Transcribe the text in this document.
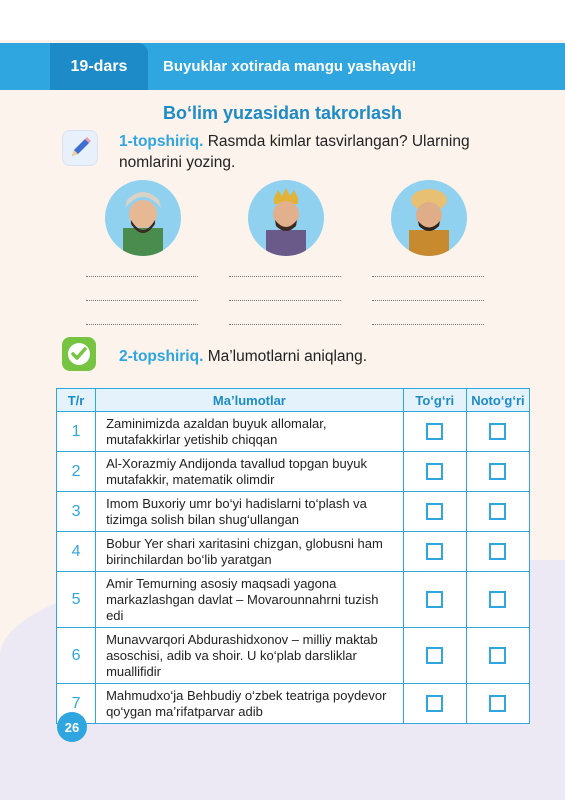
19-dars	Buyuklar xotirada mangu yashaydi!
Bo‘lim yuzasidan takrorlash
1-topshiriq. Rasmda kimlar tasvirlangan? Ularning nomlarini yozing.
2-topshiriq. Ma’lumotlarni aniqlang.
T/r	Ma’lumotlar	To‘g‘ri	Noto‘g‘ri
1	Zaminimizda azaldan buyuk allomalar, mutafakkirlar yetishib chiqqan		
2	Al-Xorazmiy Andijonda tavallud topgan buyuk mutafakkir, matematik olimdir		
3	Imom Buxoriy umr bo‘yi hadislarni to‘plash va tizimga solish bilan shug‘ullangan		
4	Bobur Yer shari xaritasini chizgan, globusni ham birinchilardan bo‘lib yaratgan		
5	Amir Temurning asosiy maqsadi yagona markazlashgan davlat – Movarounnahrni tuzish edi		
6	Munavvarqori Abdurashidxonov – milliy maktab asoschisi, adib va shoir. U ko‘plab darsliklar muallifidir		
7	Mahmudxo‘ja Behbudiy o‘zbek teatriga poydevor qo‘ygan ma’rifatparvar adib		
26
